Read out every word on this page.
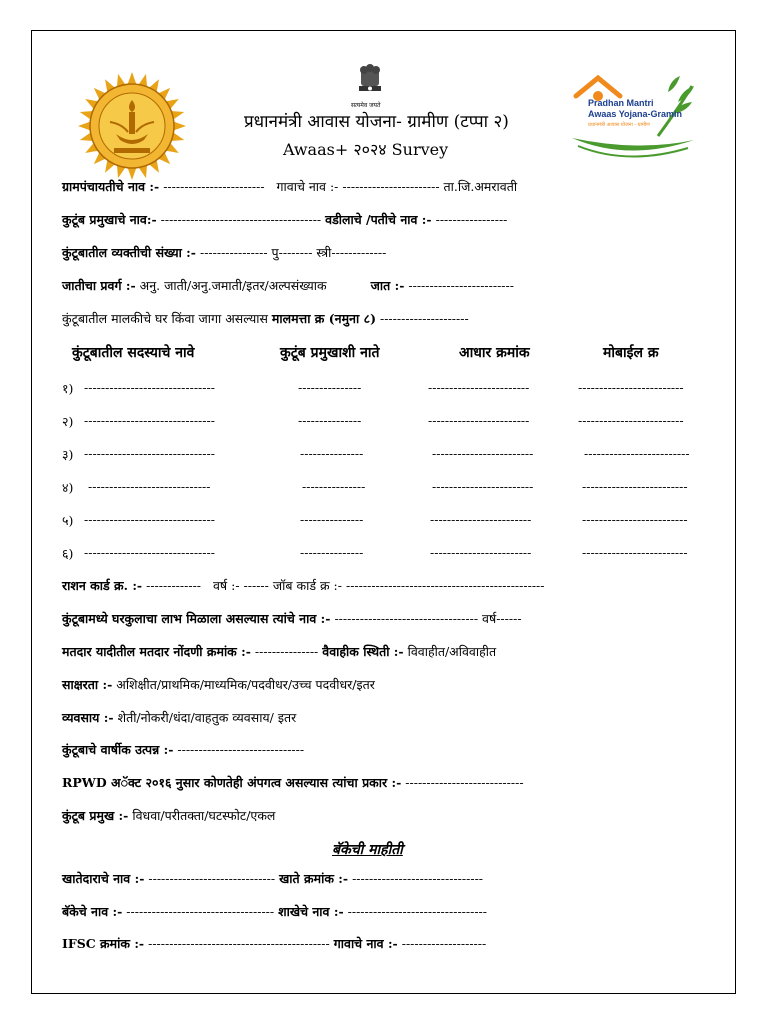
सत्यमेव जयते	Pradhan Mantri
Awaas Yojana-Gramin
प्रधानमंत्री आवास योजना - ग्रामीण
प्रधानमंत्री आवास योजना- ग्रामीण (टप्पा २)
Awaas+ २०२४ Survey
ग्रामपंचायतीचे नाव :- ------------------------ गावाचे नाव :- ----------------------- ता.जि.अमरावती
कुटूंब प्रमुखाचे नाव:- -------------------------------------- वडीलाचे /पतीचे नाव :- -----------------
कुंटूबातील व्यक्तीची संख्या :- ---------------- पु-------- स्त्री-------------
जातीचा प्रवर्ग :- अनु. जाती/अनु.जमाती/इतर/अल्पसंख्याक	जात :- -------------------------
कुंटूबातील मालकीचे घर किंवा जागा असल्यास मालमत्ता क्र (नमुना ८) ---------------------
कुंटूबातील सदस्याचे नावे	कुटूंब प्रमुखाशी नाते	आधार क्रमांक	मोबाईल क्र
१) -------------------------------	---------------	------------------------	-------------------------
२) -------------------------------	---------------	------------------------	-------------------------
३) -------------------------------	---------------	------------------------	-------------------------
४) -----------------------------	---------------	------------------------	-------------------------
५) -------------------------------	---------------	------------------------	-------------------------
६) -------------------------------	---------------	------------------------	-------------------------
राशन कार्ड क्र. :- ------------- वर्ष :- ------ जॉब कार्ड क्र :- -----------------------------------------------
कुंटूबामध्ये घरकुलाचा लाभ मिळाला असल्यास त्यांचे नाव :- ---------------------------------- वर्ष------
मतदार यादीतील मतदार नोंदणी क्रमांक :- --------------- वैवाहीक स्थिती :- विवाहीत/अविवाहीत
साक्षरता :- अशिक्षीत/प्राथमिक/माध्यमिक/पदवीधर/उच्च पदवीधर/इतर
व्यवसाय :- शेती/नोकरी/धंदा/वाहतुक व्यवसाय/ इतर
कुंटूबाचे वार्षीक उत्पन्न :- ------------------------------
RPWD अॅक्ट २०१६ नुसार कोणतेही अंपगत्व असल्यास त्यांचा प्रकार :- ----------------------------
कुंटूब प्रमुख :- विधवा/परीतक्ता/घटस्फोट/एकल
बॅकेची माहीती
खातेदाराचे नाव :- ------------------------------ खाते क्रमांक :- -------------------------------
बॅकेचे नाव :- ----------------------------------- शाखेचे नाव :- ---------------------------------
IFSC क्रमांक :- ------------------------------------------- गावाचे नाव :- --------------------
